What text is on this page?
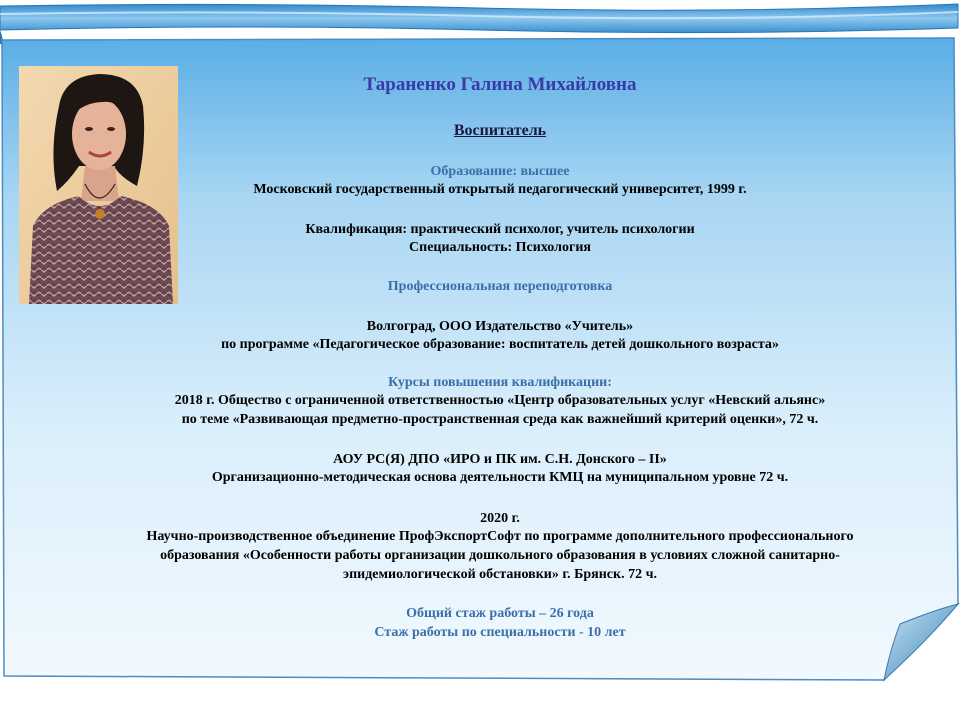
Тараненко Галина Михайловна
Воспитатель
Образование: высшее
Московский государственный открытый педагогический университет, 1999 г.
Квалификация: практический психолог, учитель психологии
Специальность: Психология
Профессиональная переподготовка
Волгоград, ООО Издательство «Учитель»
по программе «Педагогическое образование: воспитатель детей дошкольного возраста»
Курсы повышения квалификации:
2018 г. Общество с ограниченной ответственностью «Центр образовательных услуг «Невский альянс»
по теме «Развивающая предметно-пространственная среда как важнейший критерий оценки», 72 ч.
АОУ РС(Я) ДПО «ИРО и ПК им. С.Н. Донского – II»
Организационно-методическая основа деятельности КМЦ на муниципальном уровне 72 ч.
2020 г.
Научно-производственное объединение ПрофЭкспортСофт по программе дополнительного профессионального
образования «Особенности работы организации дошкольного образования в условиях сложной санитарно-
эпидемиологической обстановки» г. Брянск. 72 ч.
Общий стаж работы – 26 года
Стаж работы по специальности - 10 лет
